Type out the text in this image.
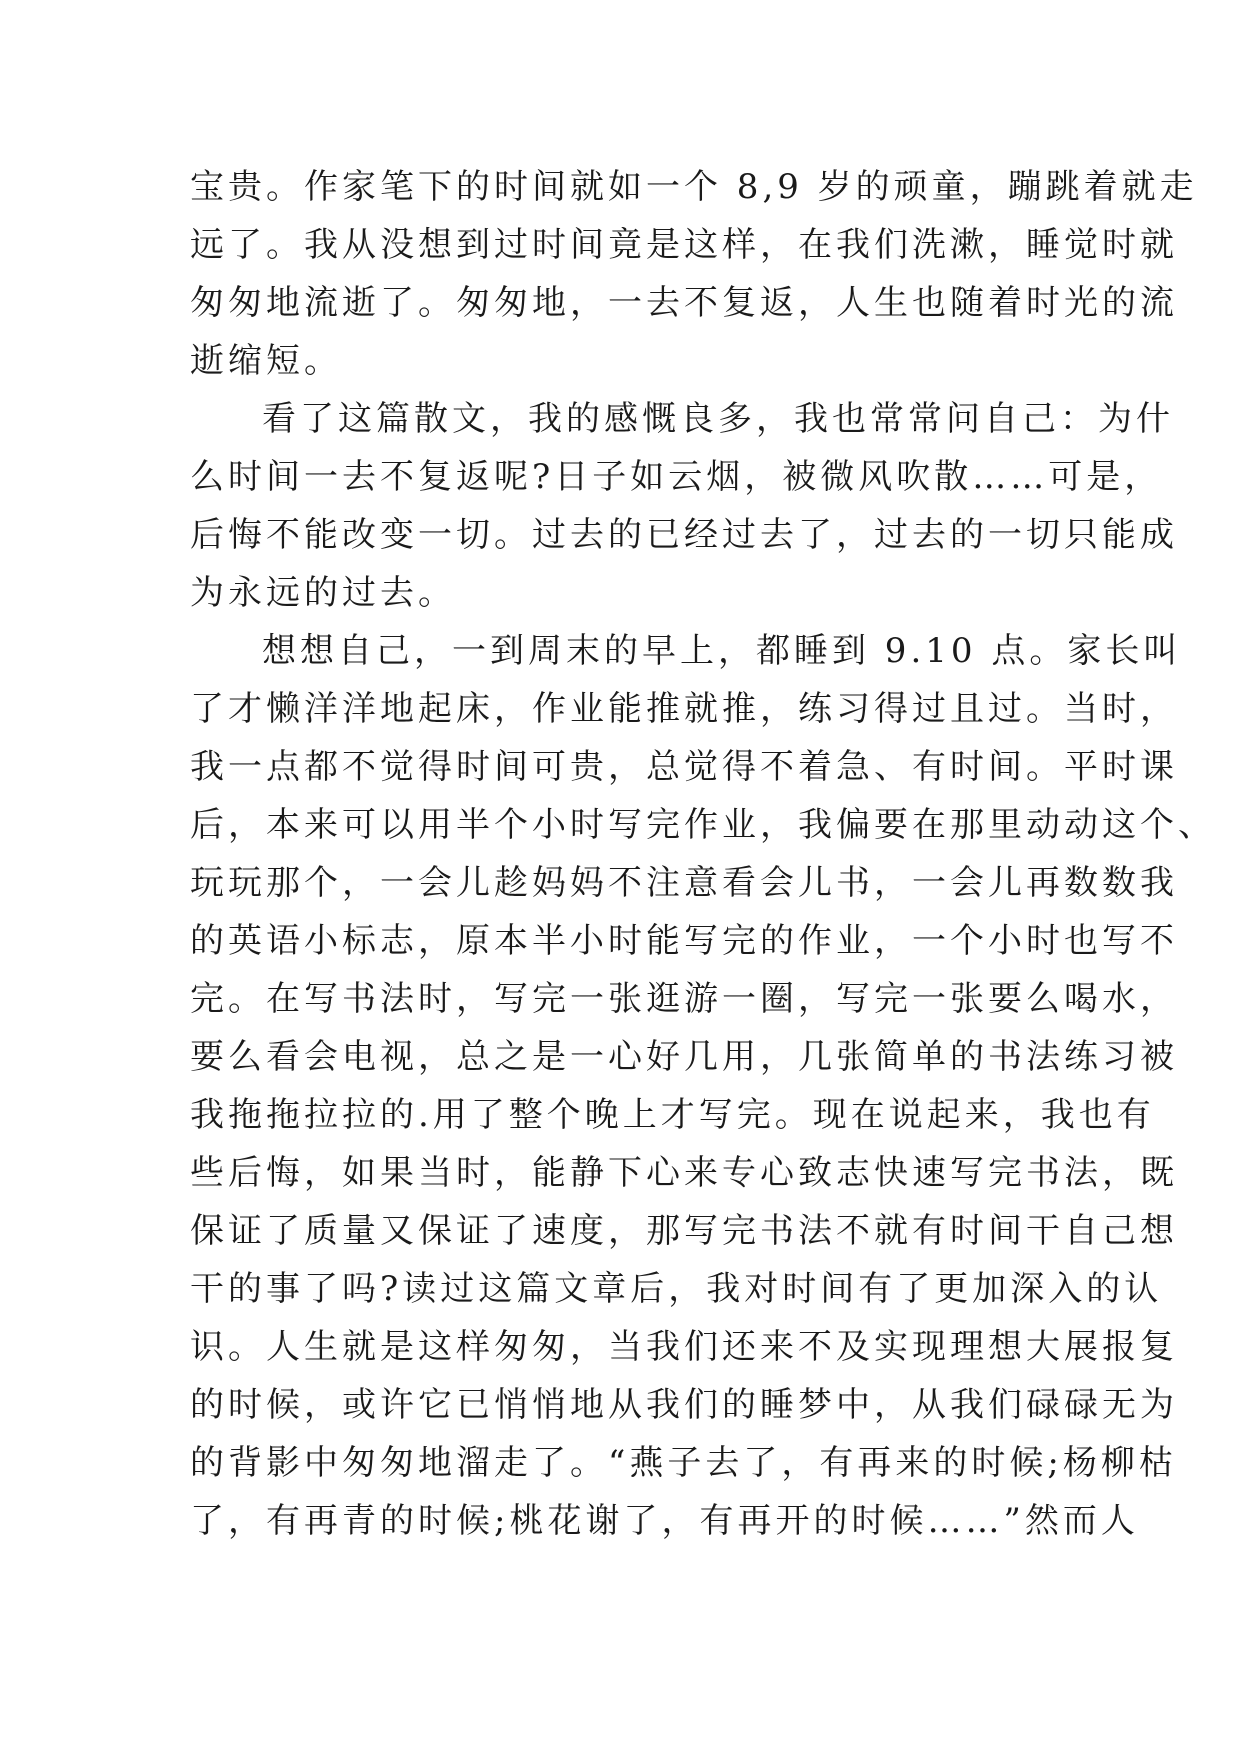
宝贵。作家笔下的时间就如一个 8,9 岁的顽童，蹦跳着就走
远了。我从没想到过时间竟是这样，在我们洗漱，睡觉时就
匆匆地流逝了。匆匆地，一去不复返，人生也随着时光的流
逝缩短。
看了这篇散文，我的感慨良多，我也常常问自己：为什
么时间一去不复返呢?日子如云烟，被微风吹散……可是，
后悔不能改变一切。过去的已经过去了，过去的一切只能成
为永远的过去。
想想自己，一到周末的早上，都睡到 9.10 点。家长叫
了才懒洋洋地起床，作业能推就推，练习得过且过。当时，
我一点都不觉得时间可贵，总觉得不着急、有时间。平时课
后，本来可以用半个小时写完作业，我偏要在那里动动这个、
玩玩那个，一会儿趁妈妈不注意看会儿书，一会儿再数数我
的英语小标志，原本半小时能写完的作业，一个小时也写不
完。在写书法时，写完一张逛游一圈，写完一张要么喝水，
要么看会电视，总之是一心好几用，几张简单的书法练习被
我拖拖拉拉的.用了整个晚上才写完。现在说起来，我也有
些后悔，如果当时，能静下心来专心致志快速写完书法，既
保证了质量又保证了速度，那写完书法不就有时间干自己想
干的事了吗?读过这篇文章后，我对时间有了更加深入的认
识。人生就是这样匆匆，当我们还来不及实现理想大展报复
的时候，或许它已悄悄地从我们的睡梦中，从我们碌碌无为
的背影中匆匆地溜走了。“燕子去了，有再来的时候;杨柳枯
了，有再青的时候;桃花谢了，有再开的时候……”然而人
